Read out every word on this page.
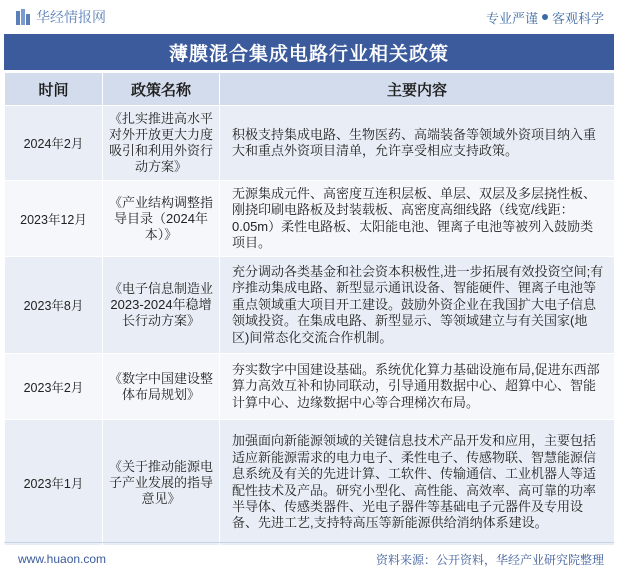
华经情报网	专业严谨 客观科学
薄膜混合集成电路行业相关政策
时间	政策名称	主要内容
2024年2月	《扎实推进高水平对外开放更大力度吸引和利用外资行动方案》	积极支持集成电路、生物医药、高端装备等领域外资项目纳入重大和重点外资项目清单，允许享受相应支持政策。
2023年12月	《产业结构调整指导目录（2024年本）》	无源集成元件、高密度互连积层板、单层、双层及多层挠性板、刚挠印刷电路板及封装载板、高密度高细线路（线宽/线距：0.05m）柔性电路板、太阳能电池、锂离子电池等被列入鼓励类项目。
2023年8月	《电子信息制造业2023-2024年稳增长行动方案》	充分调动各类基金和社会资本积极性,进一步拓展有效投资空间;有序推动集成电路、新型显示通讯设备、智能硬件、锂离子电池等重点领域重大项目开工建设。鼓励外资企业在我国扩大电子信息领域投资。在集成电路、新型显示、等领域建立与有关国家(地区)间常态化交流合作机制。
2023年2月	《数字中国建设整体布局规划》	夯实数字中国建设基础。系统优化算力基础设施布局,促进东西部算力高效互补和协同联动，引导通用数据中心、超算中心、智能计算中心、边缘数据中心等合理梯次布局。
2023年1月	《关于推动能源电子产业发展的指导意见》	加强面向新能源领域的关键信息技术产品开发和应用，主要包括适应新能源需求的电力电子、柔性电子、传感物联、智慧能源信息系统及有关的先进计算、工软件、传输通信、工业机器人等适配性技术及产品。研究小型化、高性能、高效率、高可靠的功率半导体、传感类器件、光电子器件等基础电子元器件及专用设备、先进工艺,支持特高压等新能源供给消纳体系建设。
www.huaon.com	资料来源：公开资料，华经产业研究院整理
